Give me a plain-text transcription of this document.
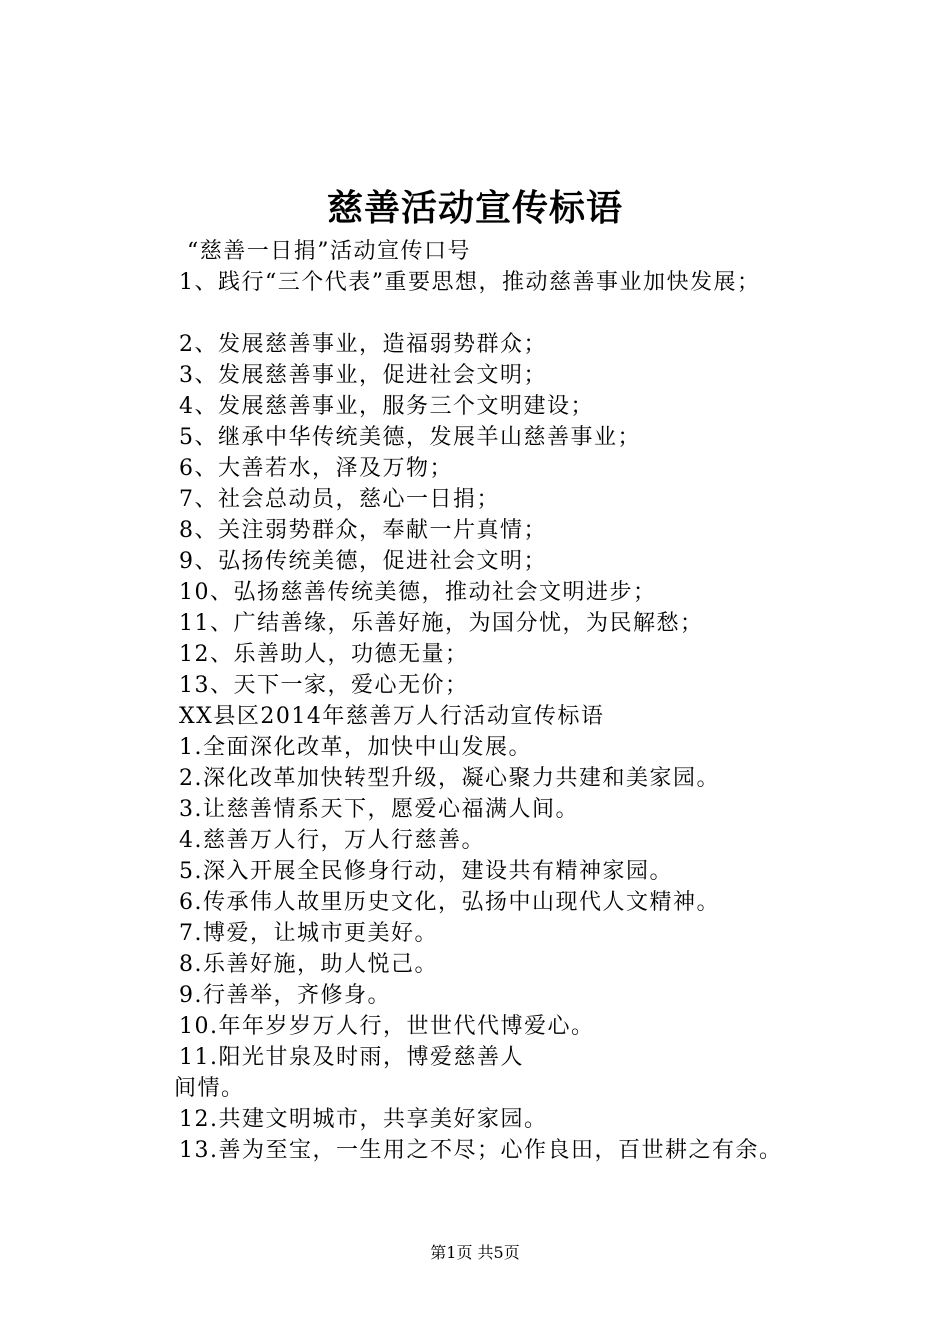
慈善活动宣传标语
“慈善一日捐”活动宣传口号
1、践行“三个代表”重要思想，推动慈善事业加快发展；
2、发展慈善事业，造福弱势群众；
3、发展慈善事业，促进社会文明；
4、发展慈善事业，服务三个文明建设；
5、继承中华传统美德，发展羊山慈善事业；
6、大善若水，泽及万物；
7、社会总动员，慈心一日捐；
8、关注弱势群众，奉献一片真情；
9、弘扬传统美德，促进社会文明；
10、弘扬慈善传统美德，推动社会文明进步；
11、广结善缘，乐善好施，为国分忧，为民解愁；
12、乐善助人，功德无量；
13、天下一家，爱心无价；
XX县区2014年慈善万人行活动宣传标语
1.全面深化改革，加快中山发展。
2.深化改革加快转型升级，凝心聚力共建和美家园。
3.让慈善情系天下，愿爱心福满人间。
4.慈善万人行，万人行慈善。
5.深入开展全民修身行动，建设共有精神家园。
6.传承伟人故里历史文化，弘扬中山现代人文精神。
7.博爱，让城市更美好。
8.乐善好施，助人悦己。
9.行善举，齐修身。
10.年年岁岁万人行，世世代代博爱心。
11.阳光甘泉及时雨，博爱慈善人
间情。
12.共建文明城市，共享美好家园。
13.善为至宝，一生用之不尽；心作良田，百世耕之有余。
第1页 共5页
